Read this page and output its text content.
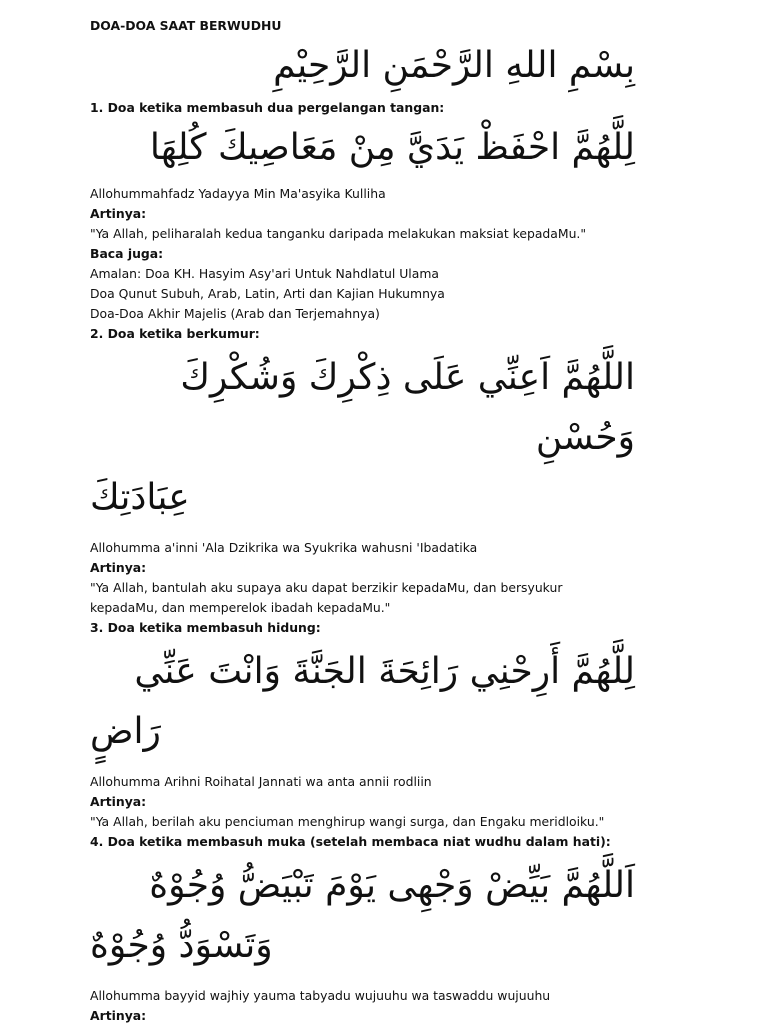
DOA-DOA SAAT BERWUDHU
بِسْمِ اللهِ الرَّحْمَنِ الرَّحِيْمِ
1. Doa ketika membasuh dua pergelangan tangan:
لِلَّهُمَّ احْفَظْ يَدَيَّ مِنْ مَعَاصِيكَ كُلِهَا
Allohummahfadz Yadayya Min Ma'asyika Kulliha
Artinya:
"Ya Allah, peliharalah kedua tanganku daripada melakukan maksiat kepadaMu."
Baca juga:
Amalan: Doa KH. Hasyim Asy'ari Untuk Nahdlatul Ulama
Doa Qunut Subuh, Arab, Latin, Arti dan Kajian Hukumnya
Doa-Doa Akhir Majelis (Arab dan Terjemahnya)
2. Doa ketika berkumur:
اللَّهُمَّ اَعِنِّي عَلَى ذِكْرِكَ وَشُكْرِكَ وَحُسْنِ
عِبَادَتِكَ
Allohumma a'inni 'Ala Dzikrika wa Syukrika wahusni 'Ibadatika
Artinya:
"Ya Allah, bantulah aku supaya aku dapat berzikir kepadaMu, dan bersyukur kepadaMu, dan memperelok ibadah kepadaMu."
3. Doa ketika membasuh hidung:
لِلَّهُمَّ أَرِحْنِي رَائِحَةَ الجَنَّةَ وَانْتَ عَنِّي
رَاضٍ
Allohumma Arihni Roihatal Jannati wa anta annii rodliin
Artinya:
"Ya Allah, berilah aku penciuman menghirup wangi surga, dan Engaku meridloiku."
4. Doa ketika membasuh muka (setelah membaca niat wudhu dalam hati):
اَللَّهُمَّ بَيِّضْ وَجْهِى يَوْمَ تَبْيَضُّ وُجُوْهٌ
وَتَسْوَدُّ وُجُوْهٌ
Allohumma bayyid wajhiy yauma tabyadu wujuuhu wa taswaddu wujuuhu
Artinya:
